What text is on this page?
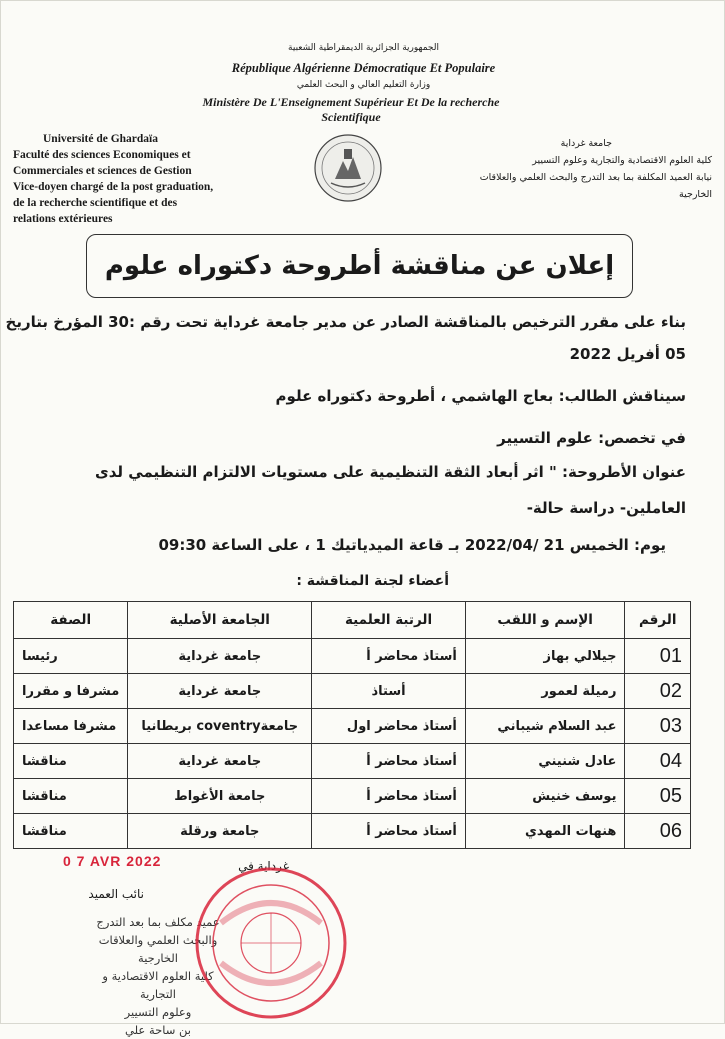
الجمهورية الجزائرية الديمقراطية الشعبية
République Algérienne Démocratique Et Populaire
وزارة التعليم العالي و البحث العلمي
Ministère De L'Enseignement Supérieur Et De la recherche
Scientifique
Université de Ghardaïa
Faculté des sciences Economiques et
Commerciales et sciences de Gestion
Vice-doyen chargé de la post graduation,
de la recherche scientifique et des
relations extérieures
جامعة غرداية
كلية العلوم الاقتصادية والتجارية وعلوم التسيير
نيابة العميد المكلفة بما بعد التدرج والبحث العلمي والعلاقات
الخارجية
إعلان عن مناقشة أطروحة دكتوراه علوم
بناء على مقرر الترخيص بالمناقشة الصادر عن مدير جامعة غرداية تحت رقم :30 المؤرخ بتاريخ
05 أفريل 2022
سيناقش الطالب: بعاج الهاشمي ، أطروحة دكتوراه علوم
في تخصص: علوم التسيير
عنوان الأطروحة: " اثر أبعاد الثقة التنظيمية على مستويات الالتزام التنظيمي لدى
العاملين- دراسة حالة-
يوم: الخميس 21 /2022/04 بـ قاعة الميدياتيك 1 ، على الساعة 09:30
أعضاء لجنة المناقشة :
الرقم	الإسم و اللقب	الرتبة العلمية	الجامعة الأصلية	الصفة
01	جيلالي بهاز	أستاذ محاضر أ	جامعة غرداية	رئيسا
02	رميلة لعمور	أستاذ	جامعة غرداية	مشرفا و مقررا
03	عبد السلام شيباني	أستاذ محاضر اول	جامعةcoventry بريطانيا	مشرفا مساعدا
04	عادل شنيني	أستاذ محاضر أ	جامعة غرداية	مناقشا
05	يوسف خنيش	أستاذ محاضر أ	جامعة الأغواط	مناقشا
06	هنهات المهدي	أستاذ محاضر أ	جامعة ورقلة	مناقشا
غرداية في
0 7 AVR 2022
نائب العميد
عميد مكلف بما بعد التدرج
والبحث العلمي والعلاقات الخارجية
كلية العلوم الاقتصادية و التجارية
وعلوم التسيير
بن ساحة علي
